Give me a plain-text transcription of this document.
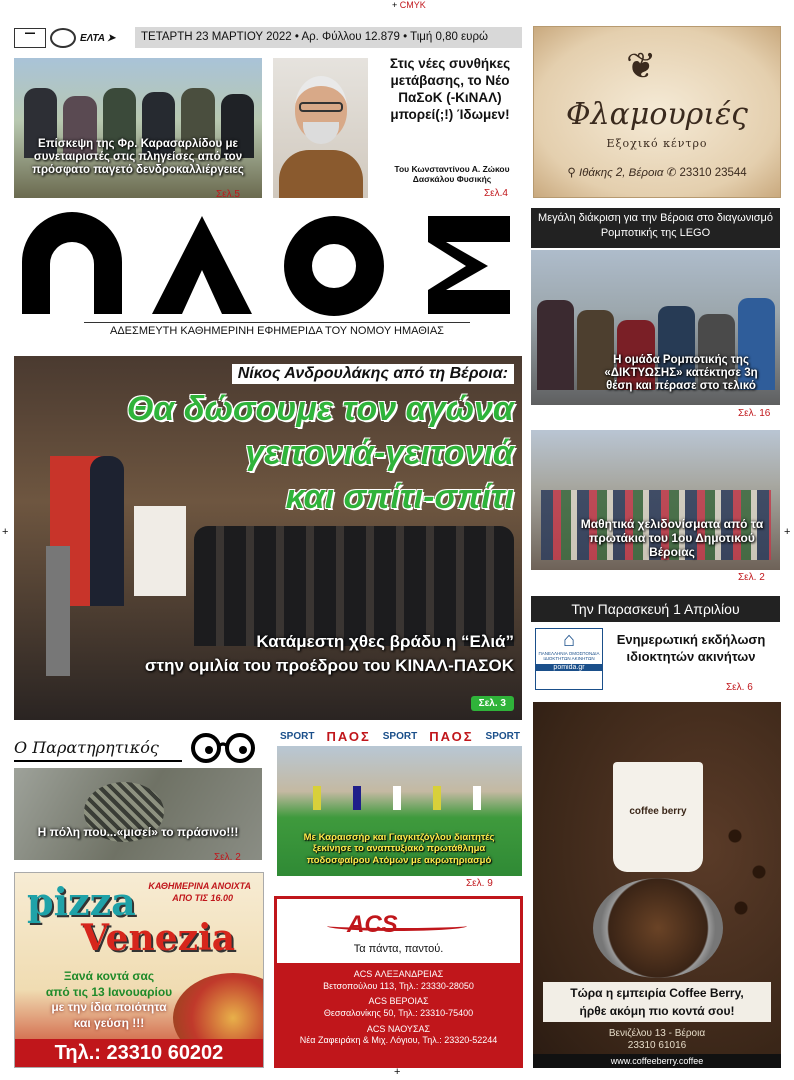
+ CMYK
▬▬	ΕΛΤΑ ➤	ΤΕΤΑΡΤΗ 23 ΜΑΡΤΙΟΥ 2022 • Αρ. Φύλλου 12.879 • Τιμή 0,80 ευρώ
Επίσκεψη της Φρ. Καρασαρλίδου με συνεταιριστές στις πληγείσες από τον πρόσφατο παγετό δενδροκαλλιέργειες
Σελ.5
Στις νέες συνθήκες μετάβασης, το Νέο ΠαΣοΚ (-ΚιΝΑΛ) μπορεί(;!) Ίδωμεν!
Του Κωνσταντίνου Α. Ζώκου Δασκάλου Φυσικής
Σελ.4
❦
Φλαμουριές
Εξοχικό κέντρο
⚲ Ιθάκης 2, Βέροια ✆ 23310 23544
ΑΔΕΣΜΕΥΤΗ ΚΑΘΗΜΕΡΙΝΗ ΕΦΗΜΕΡΙΔΑ ΤΟΥ ΝΟΜΟΥ ΗΜΑΘΙΑΣ
Μεγάλη διάκριση για την Βέροια στο διαγωνισμό Ρομποτικής της LEGO
Η ομάδα Ρομποτικής της «ΔΙΚΤΥΩΣΗΣ» κατέκτησε 3η θέση και πέρασε στο τελικό
Σελ. 16
Νίκος Ανδρουλάκης από τη Βέροια:
Θα δώσουμε τον αγώνα
γειτονιά-γειτονιά
και σπίτι-σπίτι
Κατάμεστη χθες βράδυ η “Ελιά”
στην ομιλία του προέδρου του ΚΙΝΑΛ-ΠΑΣΟΚ
Σελ. 3
Μαθητικά χελιδονίσματα από τα πρωτάκια του 1ου Δημοτικού Βέροιας
Σελ. 2
Την Παρασκευή 1 Απριλίου
⌂
ΠΑΝΕΛΛΗΝΙΑ ΟΜΟΣΠΟΝΔΙΑ ΙΔΙΟΚΤΗΤΩΝ ΑΚΙΝΗΤΩΝ
pomida.gr
Ενημερωτική εκδήλωση ιδιοκτητών ακινήτων
Σελ. 6
Ο Παρατηρητικός
Η πόλη που...«μισεί» το πράσινο!!!
Σελ. 2
SPORT ΠΑΟΣ SPORT ΠΑΟΣ SPORT
Με Καραισσήρ και Γιαγκιτζόγλου διαιτητές ξεκίνησε το αναπτυξιακό πρωτάθλημα ποδοσφαίρου Ατόμων με ακρωτηριασμό
Σελ. 9
ΚΑΘΗΜΕΡΙΝΑ ΑΝΟΙΧΤΑ
ΑΠΟ ΤΙΣ 16.00
pizza
Venezia
Ξανά κοντά σας
από τις 13 Ιανουαρίου
με την ίδια ποιότητα
και γεύση !!!
Τηλ.: 23310 60202
ACS
Τα πάντα, παντού.
ACS ΑΛΕΞΑΝΔΡΕΙΑΣ
Βετσοπούλου 113, Τηλ.: 23330-28050
ACS ΒΕΡΟΙΑΣ
Θεσσαλονίκης 50, Τηλ.: 23310-75400
ACS ΝΑΟΥΣΑΣ
Νέα Ζαφειράκη & Μιχ. Λόγιου, Τηλ.: 23320-52244
coffee berry
Τώρα η εμπειρία Coffee Berry,
ήρθε ακόμη πιο κοντά σου!
Βενιζέλου 13 - Βέροια
23310 61016
www.coffeeberry.coffee
+
+	+
